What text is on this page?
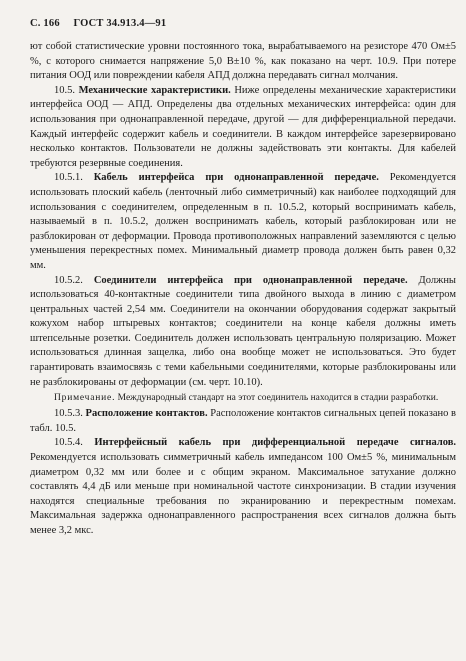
С. 166 ГОСТ 34.913.4—91

ют собой статистические уровни постоянного тока, вырабатываемого на резисторе 470 Ом±5 %, с которого снимается напряжение 5,0 В±10 %, как показано на черт. 10.9. При потере питания ООД или повреждении кабеля АПД должна передавать сигнал молчания.

10.5. Механические характеристики. Ниже определены механические характеристики интерфейса ООД — АПД. Определены два отдельных механических интерфейса: один для использования при однонаправленной передаче, другой — для дифференциальной передачи. Каждый интерфейс содержит кабель и соединители. В каждом интерфейсе зарезервировано несколько контактов. Пользователи не должны задействовать эти контакты. Для кабелей требуются резервные соединения.

10.5.1. Кабель интерфейса при однонаправленной передаче. Рекомендуется использовать плоский кабель (ленточный либо симметричный) как наиболее подходящий для использования с соединителем, определенным в п. 10.5.2, который воспринимать кабель, называемый в п. 10.5.2, должен воспринимать кабель, который разблокирован или не разблокирован от деформации. Провода противоположных направлений заземляются с целью уменьшения перекрестных помех. Минимальный диаметр провода должен быть равен 0,32 мм.

10.5.2. Соединители интерфейса при однонаправленной передаче. Должны использоваться 40-контактные соединители типа двойного выхода в линию с диаметром центральных частей 2,54 мм. Соединители на окончании оборудования содержат закрытый кожухом набор штыревых контактов; соединители на конце кабеля должны иметь штепсельные розетки. Соединитель должен использовать центральную поляризацию. Может использоваться длинная защелка, либо она вообще может не использоваться. Это будет гарантировать взаимосвязь с теми кабельными соединителями, которые разблокированы или не разблокированы от деформации (см. черт. 10.10).

Примечание. Международный стандарт на этот соединитель находится в стадии разработки.

10.5.3. Расположение контактов. Расположение контактов сигнальных цепей показано в табл. 10.5.

10.5.4. Интерфейсный кабель при дифференциальной передаче сигналов. Рекомендуется использовать симметричный кабель импедансом 100 Ом±5 %, минимальным диаметром 0,32 мм или более и с общим экраном. Максимальное затухание должно составлять 4,4 дБ или меньше при номинальной частоте синхронизации. В стадии изучения находятся специальные требования по экранированию и перекрестным помехам. Максимальная задержка однонаправленного распространения всех сигналов должна быть менее 3,2 мкс.
